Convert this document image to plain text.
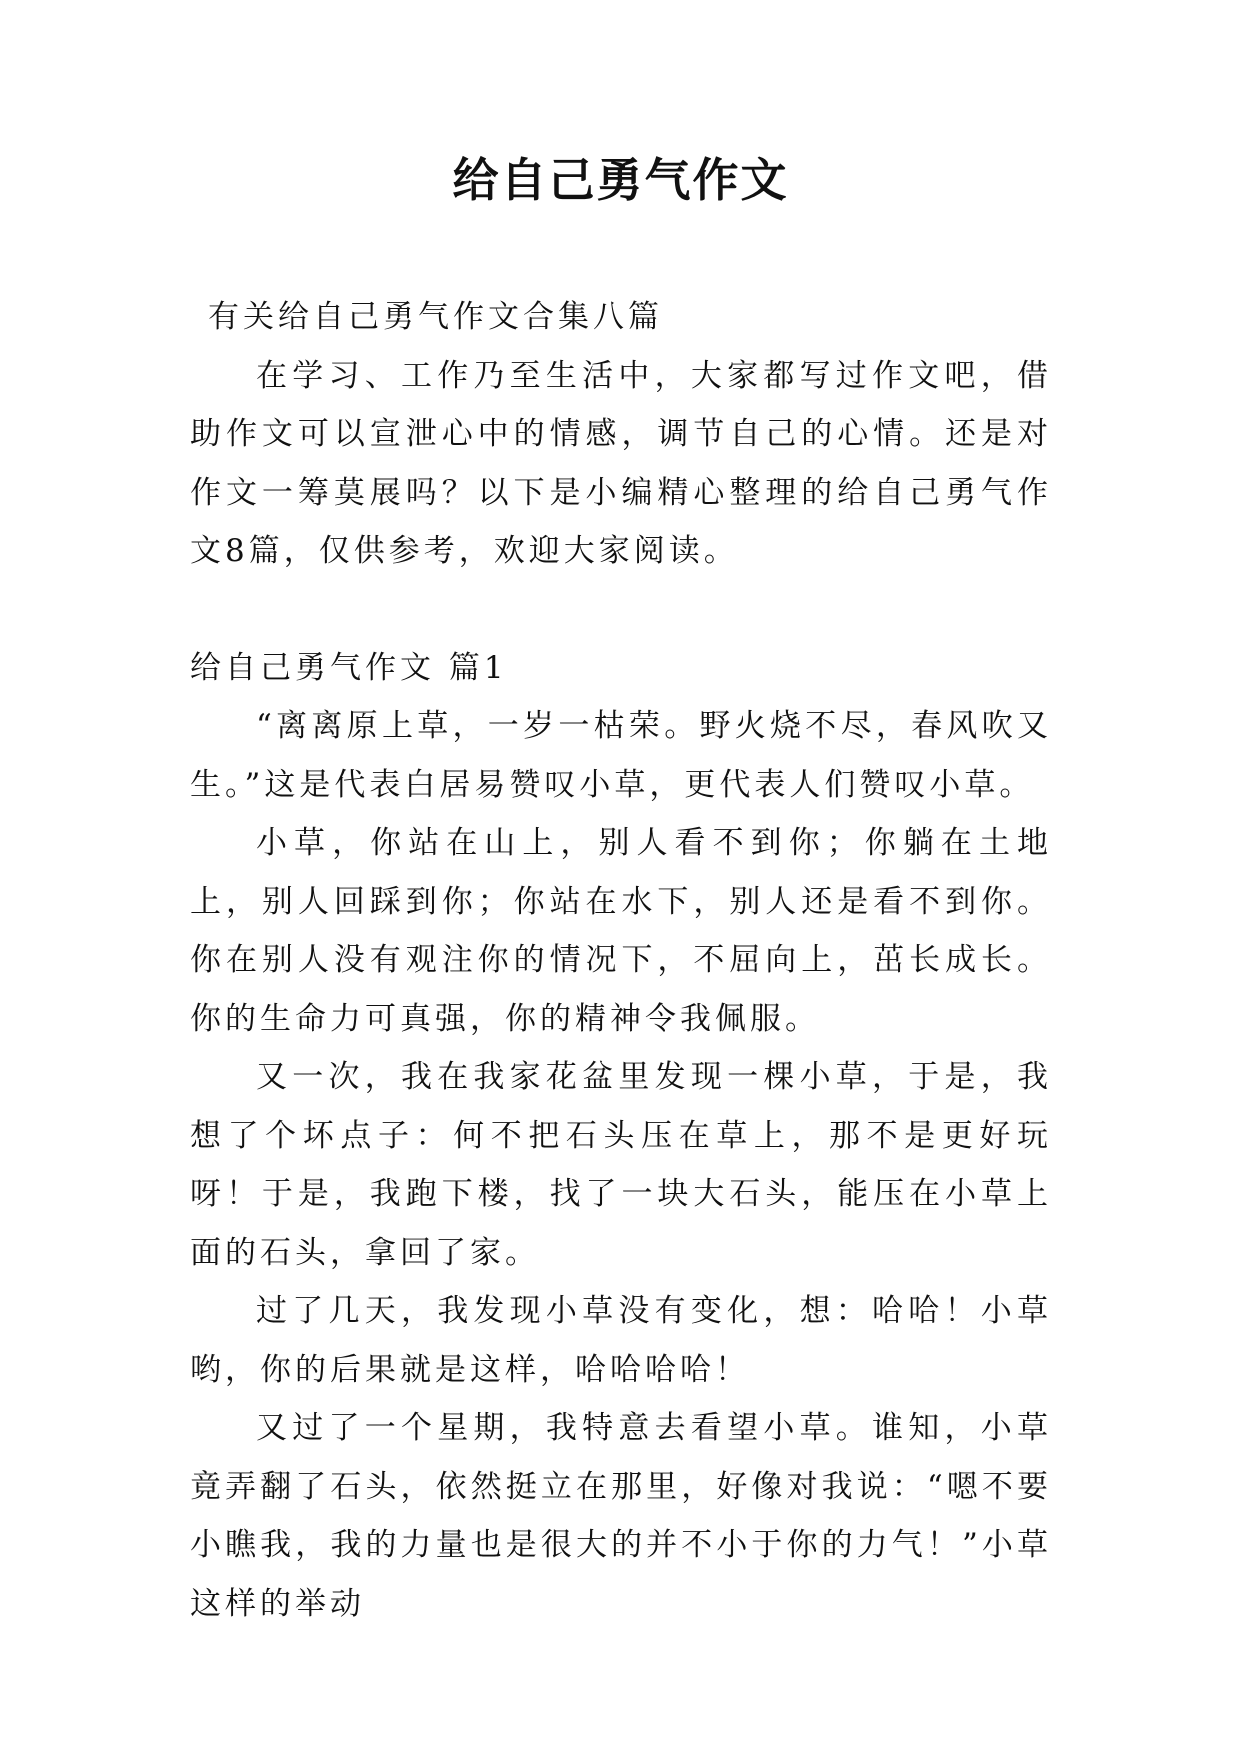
给自己勇气作文

有关给自己勇气作文合集八篇

在学习、工作乃至生活中，大家都写过作文吧，借助作文可以宣泄心中的情感，调节自己的心情。还是对作文一筹莫展吗？以下是小编精心整理的给自己勇气作文8篇，仅供参考，欢迎大家阅读。

给自己勇气作文 篇1

“离离原上草，一岁一枯荣。野火烧不尽，春风吹又生。”这是代表白居易赞叹小草，更代表人们赞叹小草。

小草，你站在山上，别人看不到你；你躺在土地上，别人回踩到你；你站在水下，别人还是看不到你。你在别人没有观注你的情况下，不屈向上，茁长成长。你的生命力可真强，你的精神令我佩服。

又一次，我在我家花盆里发现一棵小草，于是，我想了个坏点子：何不把石头压在草上，那不是更好玩呀！于是，我跑下楼，找了一块大石头，能压在小草上面的石头，拿回了家。

过了几天，我发现小草没有变化，想：哈哈！小草哟，你的后果就是这样，哈哈哈哈！

又过了一个星期，我特意去看望小草。谁知，小草竟弄翻了石头，依然挺立在那里，好像对我说：“嗯不要小瞧我，我的力量也是很大的并不小于你的力气！”小草这样的举动
